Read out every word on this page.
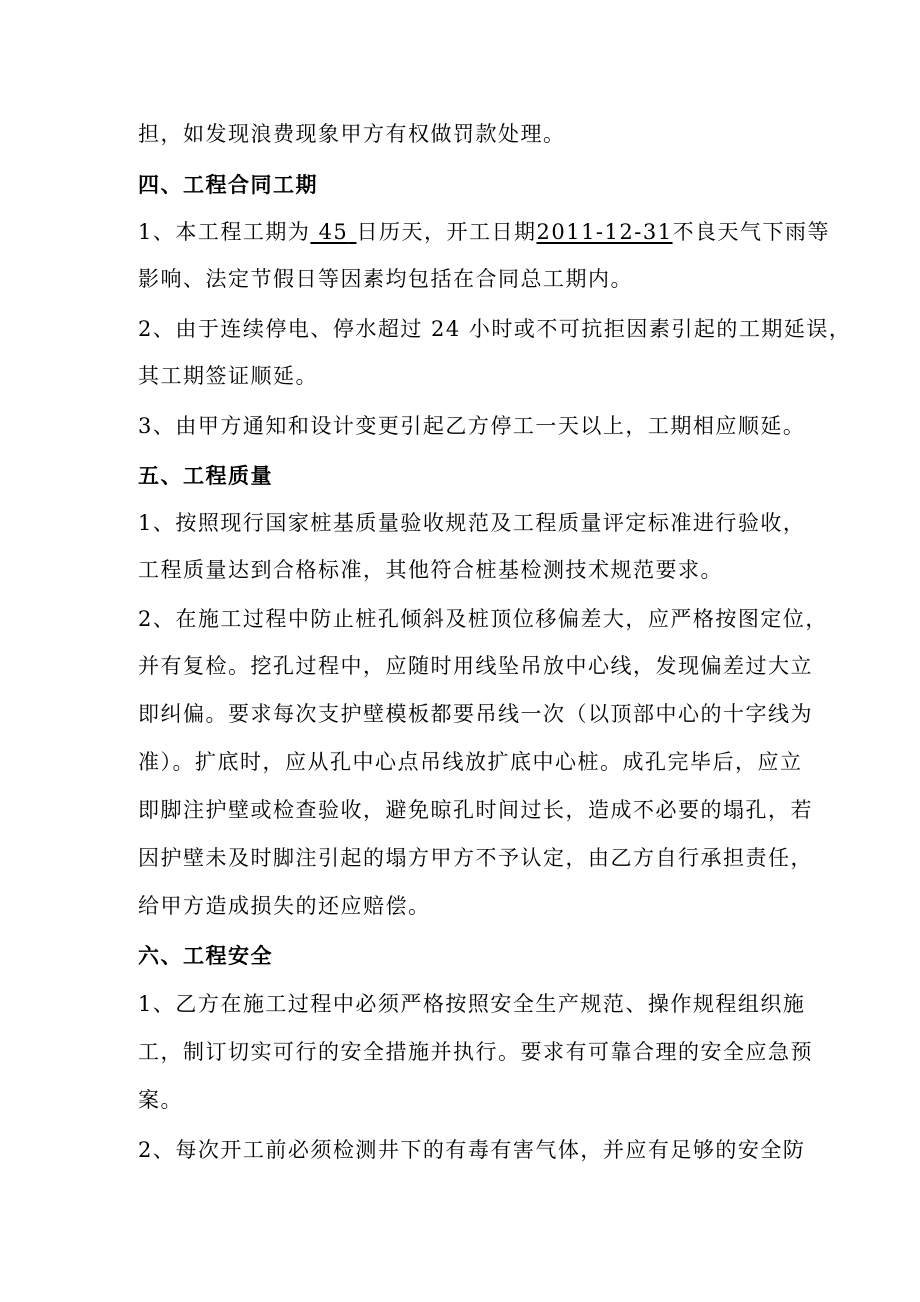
担，如发现浪费现象甲方有权做罚款处理。
四、工程合同工期
1、本工程工期为 45 日历天，开工日期2011-12-31不良天气下雨等
影响、法定节假日等因素均包括在合同总工期内。
2、由于连续停电、停水超过 24 小时或不可抗拒因素引起的工期延误，
其工期签证顺延。
3、由甲方通知和设计变更引起乙方停工一天以上，工期相应顺延。
五、工程质量
1、按照现行国家桩基质量验收规范及工程质量评定标准进行验收，
工程质量达到合格标准，其他符合桩基检测技术规范要求。
2、在施工过程中防止桩孔倾斜及桩顶位移偏差大，应严格按图定位，
并有复检。挖孔过程中，应随时用线坠吊放中心线，发现偏差过大立
即纠偏。要求每次支护壁模板都要吊线一次（以顶部中心的十字线为
准）。扩底时，应从孔中心点吊线放扩底中心桩。成孔完毕后，应立
即脚注护壁或检查验收，避免晾孔时间过长，造成不必要的塌孔，若
因护壁未及时脚注引起的塌方甲方不予认定，由乙方自行承担责任，
给甲方造成损失的还应赔偿。
六、工程安全
1、乙方在施工过程中必须严格按照安全生产规范、操作规程组织施
工，制订切实可行的安全措施并执行。要求有可靠合理的安全应急预
案。
2、每次开工前必须检测井下的有毒有害气体，并应有足够的安全防
